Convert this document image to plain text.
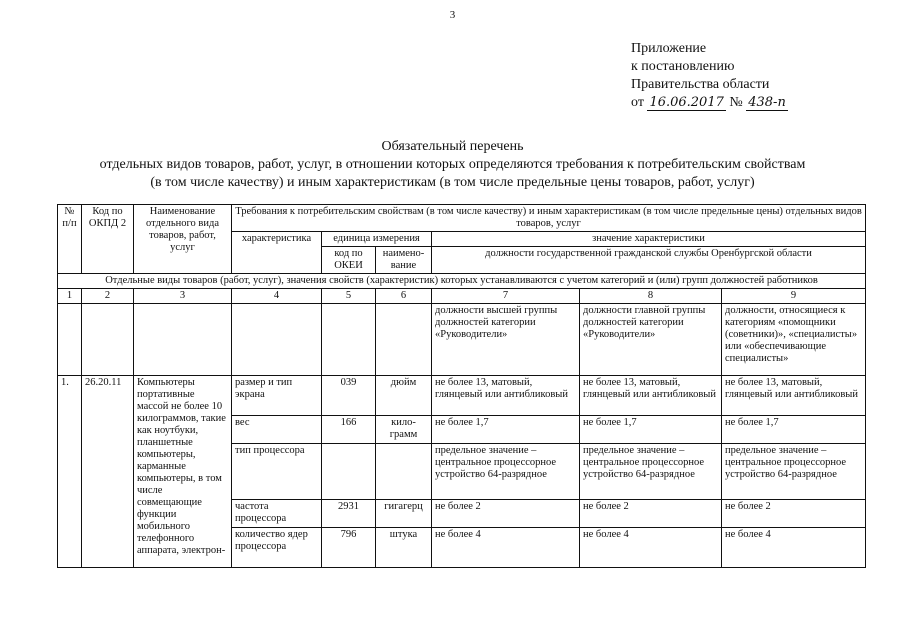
3
Приложение
к постановлению
Правительства области
от 16.06.2017 № 438-п
Обязательный перечень
отдельных видов товаров, работ, услуг, в отношении которых определяются требования к потребительским свойствам
(в том числе качеству) и иным характеристикам (в том числе предельные цены товаров, работ, услуг)
№ п/п	Код по ОКПД 2	Наименование отдельного вида товаров, работ, услуг	Требования к потребительским свойствам (в том числе качеству) и иным характеристикам (в том числе предельные цены) отдельных видов товаров, услуг					
			характеристика	единица измерения		значение характеристики		
				код по ОКЕИ	наимено-вание	должности государственной гражданской службы Оренбургской области		
Отдельные виды товаров (работ, услуг), значения свойств (характеристик) которых устанавливаются с учетом категорий и (или) групп должностей работников								
1	2	3	4	5	6	7	8	9
						должности высшей группы должностей категории «Руководители»	должности главной группы должностей категории «Руководители»	должности, относящиеся к категориям «помощники (советники)», «специалисты» или «обеспечивающие специалисты»
1.	26.20.11	Компьютеры портативные массой не более 10 килограммов, такие как ноутбуки, планшетные компьютеры, карманные компьютеры, в том числе совмещающие функции мобильного телефонного аппарата, электрон-	размер и тип экрана	039	дюйм	не более 13, матовый, глянцевый или антибликовый	не более 13, матовый, глянцевый или антибликовый	не более 13, матовый, глянцевый или антибликовый
			вес	166	кило-грамм	не более 1,7	не более 1,7	не более 1,7
			тип процессора			предельное значение – центральное процессорное устройство 64-разрядное	предельное значение – центральное процессорное устройство 64-разрядное	предельное значение – центральное процессорное устройство 64-разрядное
			частота процессора	2931	гигагерц	не более 2	не более 2	не более 2
			количество ядер процессора	796	штука	не более 4	не более 4	не более 4
